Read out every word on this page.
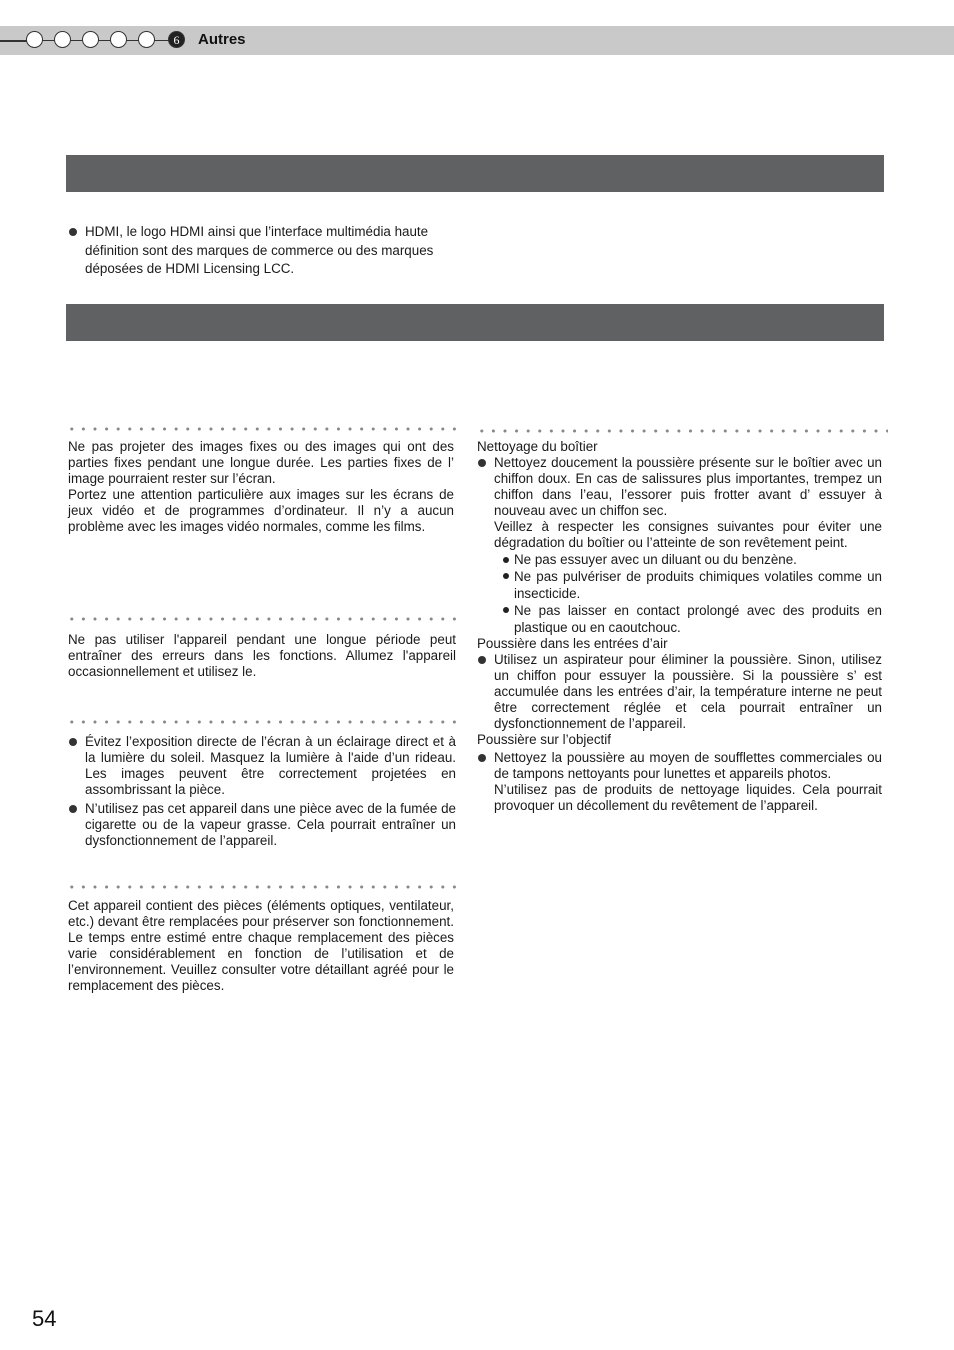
6	Autres
HDMI, le logo HDMI ainsi que l’interface multimédia haute définition sont des marques de commerce ou des marques déposées de HDMI Licensing LCC.

Ne pas projeter des images fixes ou des images qui ont des parties fixes pendant une longue durée. Les parties fixes de l’ image pourraient rester sur l’écran.

Portez une attention particulière aux images sur les écrans de jeux vidéo et de programmes d’ordinateur. Il n’y a aucun problème avec les images vidéo normales, comme les films.

Ne pas utiliser l'appareil pendant une longue période peut entraîner des erreurs dans les fonctions. Allumez l'appareil occasionnellement et utilisez le.

Évitez l’exposition directe de l’écran à un éclairage direct et à la lumière du soleil. Masquez la lumière à l'aide d’un rideau. Les images peuvent être correctement projetées en assombrissant la pièce.
N’utilisez pas cet appareil dans une pièce avec de la fumée de cigarette ou de la vapeur grasse. Cela pourrait entraîner un dysfonctionnement de l’appareil.

Cet appareil contient des pièces (éléments optiques, ventilateur, etc.) devant être remplacées pour préserver son fonctionnement. Le temps entre estimé entre chaque remplacement des pièces varie considérablement en fonction de l’utilisation et de l’environnement. Veuillez consulter votre détaillant agréé pour le remplacement des pièces.

Nettoyage du boîtier

Nettoyez doucement la poussière présente sur le boîtier avec un chiffon doux. En cas de salissures plus importantes, trempez un chiffon dans l’eau, l’essorer puis frotter avant d’ essuyer à nouveau avec un chiffon sec.
Veillez à respecter les consignes suivantes pour éviter une dégradation du boîtier ou l’atteinte de son revêtement peint.
Ne pas essuyer avec un diluant ou du benzène.
Ne pas pulvériser de produits chimiques volatiles comme un insecticide.
Ne pas laisser en contact prolongé avec des produits en plastique ou en caoutchouc.

Poussière dans les entrées d’air

Utilisez un aspirateur pour éliminer la poussière. Sinon, utilisez un chiffon pour essuyer la poussière. Si la poussière s’ est accumulée dans les entrées d’air, la température interne ne peut être correctement réglée et cela pourrait entraîner un dysfonctionnement de l’appareil.

Poussière sur l’objectif

Nettoyez la poussière au moyen de soufflettes commerciales ou de tampons nettoyants pour lunettes et appareils photos.
N’utilisez pas de produits de nettoyage liquides. Cela pourrait provoquer un décollement du revêtement de l’appareil.
54
